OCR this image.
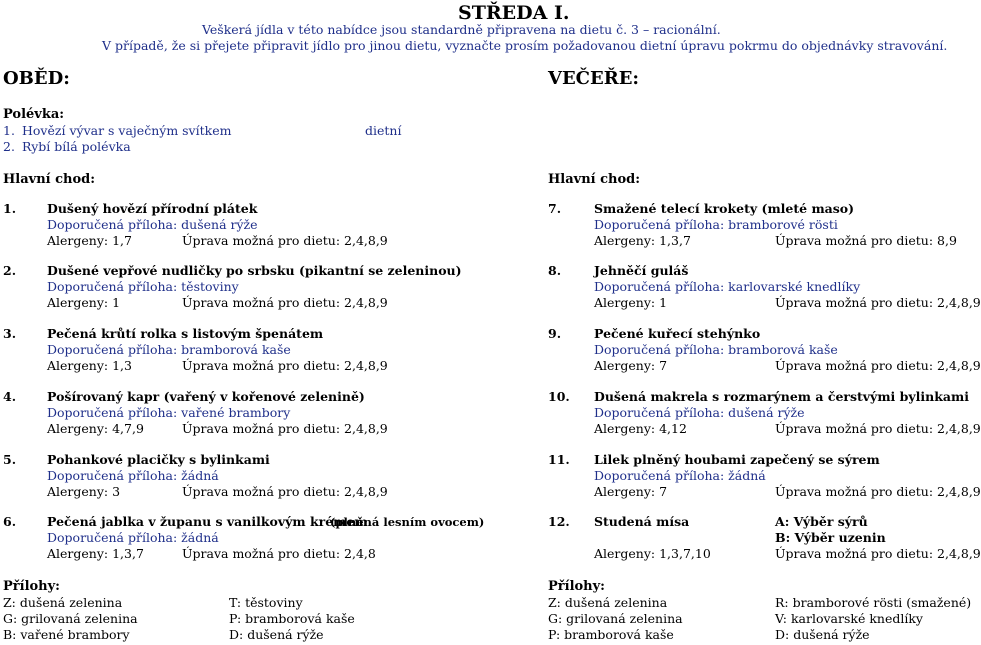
STŘEDA I.
Veškerá jídla v této nabídce jsou standardně připravena na dietu č. 3 – racionální.
V případě, že si přejete připravit jídlo pro jinou dietu, vyznačte prosím požadovanou dietní úpravu pokrmu do objednávky stravování.
OBĚD:	VEČEŘE:
Polévka:
1. Hovězí vývar s vaječným svítkem	dietní
2. Rybí bílá polévka
Hlavní chod:	Hlavní chod:
1. Dušený hovězí přírodní plátek
Doporučená příloha: dušená rýže
Alergeny: 1,7	Úprava možná pro dietu: 2,4,8,9
2. Dušené vepřové nudličky po srbsku (pikantní se zeleninou)
Doporučená příloha: těstoviny
Alergeny: 1	Úprava možná pro dietu: 2,4,8,9
3. Pečená krůtí rolka s listovým špenátem
Doporučená příloha: bramborová kaše
Alergeny: 1,3	Úprava možná pro dietu: 2,4,8,9
4. Pošírovaný kapr (vařený v kořenové zelenině)
Doporučená příloha: vařené brambory
Alergeny: 4,7,9	Úprava možná pro dietu: 2,4,8,9
5. Pohankové placičky s bylinkami
Doporučená příloha: žádná
Alergeny: 3	Úprava možná pro dietu: 2,4,8,9
6. Pečená jablka v županu s vanilkovým krémem
(plněná lesním ovocem)
Doporučená příloha: žádná
Alergeny: 1,3,7	Úprava možná pro dietu: 2,4,8
7.	Smažené telecí krokety (mleté maso)
Doporučená příloha: bramborové rösti
Alergeny: 1,3,7	Úprava možná pro dietu: 8,9
8.	Jehněčí guláš
Doporučená příloha: karlovarské knedlíky
Alergeny: 1	Úprava možná pro dietu: 2,4,8,9
9.	Pečené kuřecí stehýnko
Doporučená příloha: bramborová kaše
Alergeny: 7	Úprava možná pro dietu: 2,4,8,9
10. Dušená makrela s rozmarýnem a čerstvými bylinkami
Doporučená příloha: dušená rýže
Alergeny: 4,12	Úprava možná pro dietu: 2,4,8,9
11. Lilek plněný houbami zapečený se sýrem
Doporučená příloha: žádná
Alergeny: 7	Úprava možná pro dietu: 2,4,8,9
12. Studená mísa	A: Výběr sýrů
B: Výběr uzenin
Alergeny: 1,3,7,10	Úprava možná pro dietu: 2,4,8,9
Přílohy:
Z: dušená zelenina	T: těstoviny
G: grilovaná zelenina	P: bramborová kaše
B: vařené brambory	D: dušená rýže
Přílohy:
Z: dušená zelenina	R: bramborové rösti (smažené)
G: grilovaná zelenina	V: karlovarské knedlíky
P: bramborová kaše	D: dušená rýže
